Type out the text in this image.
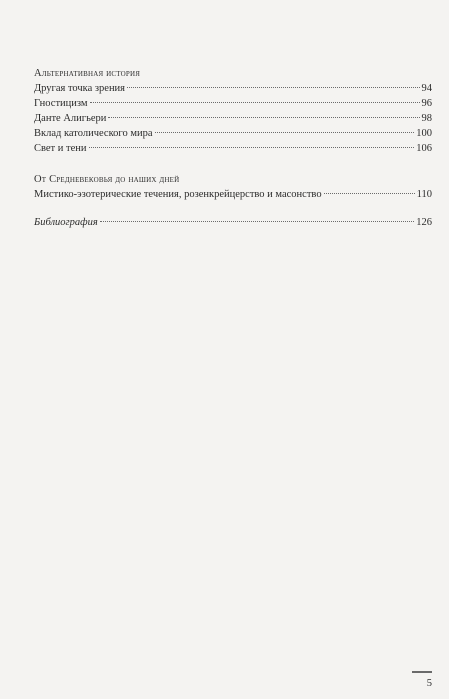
Альтернативная история
Другая точка зрения	94
Гностицизм	96
Данте Алигьери	98
Вклад католического мира	100
Свет и тени	106
От Средневековья до наших дней
Мистико-эзотерические течения, розенкрейцерство и масонство	110
Библиография	126
5
